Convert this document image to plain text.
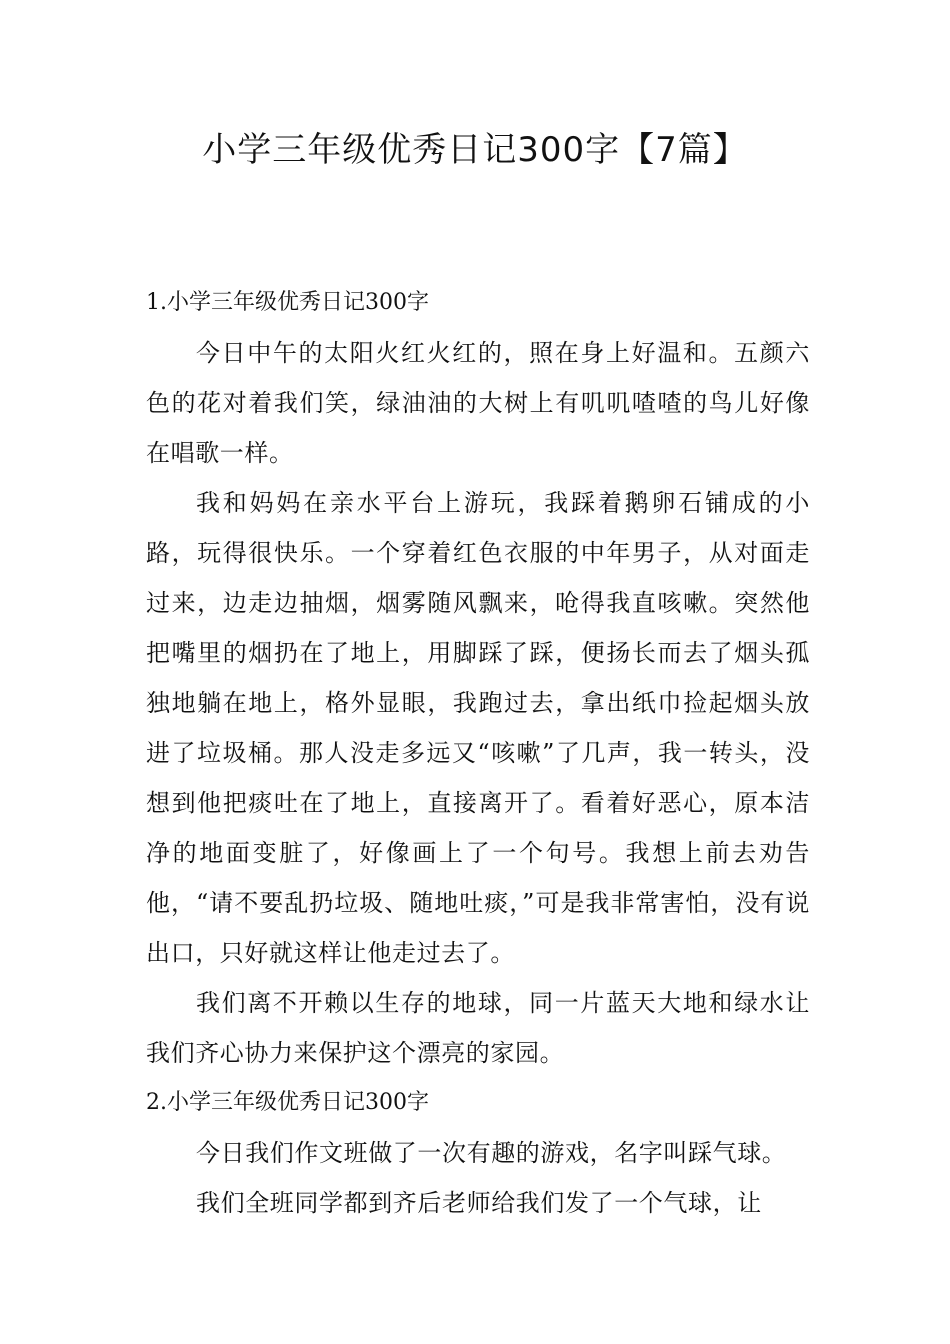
小学三年级优秀日记300字【7篇】

1.小学三年级优秀日记300字

今日中午的太阳火红火红的，照在身上好温和。五颜六色的花对着我们笑，绿油油的大树上有叽叽喳喳的鸟儿好像在唱歌一样。

我和妈妈在亲水平台上游玩，我踩着鹅卵石铺成的小路，玩得很快乐。一个穿着红色衣服的中年男子，从对面走过来，边走边抽烟，烟雾随风飘来，呛得我直咳嗽。突然他把嘴里的烟扔在了地上，用脚踩了踩，便扬长而去了烟头孤独地躺在地上，格外显眼，我跑过去，拿出纸巾捡起烟头放进了垃圾桶。那人没走多远又“咳嗽”了几声，我一转头，没想到他把痰吐在了地上，直接离开了。看着好恶心，原本洁净的地面变脏了，好像画上了一个句号。我想上前去劝告他，“请不要乱扔垃圾、随地吐痰，”可是我非常害怕，没有说出口，只好就这样让他走过去了。

我们离不开赖以生存的地球，同一片蓝天大地和绿水让我们齐心协力来保护这个漂亮的家园。

2.小学三年级优秀日记300字

今日我们作文班做了一次有趣的游戏，名字叫踩气球。

我们全班同学都到齐后老师给我们发了一个气球，让
